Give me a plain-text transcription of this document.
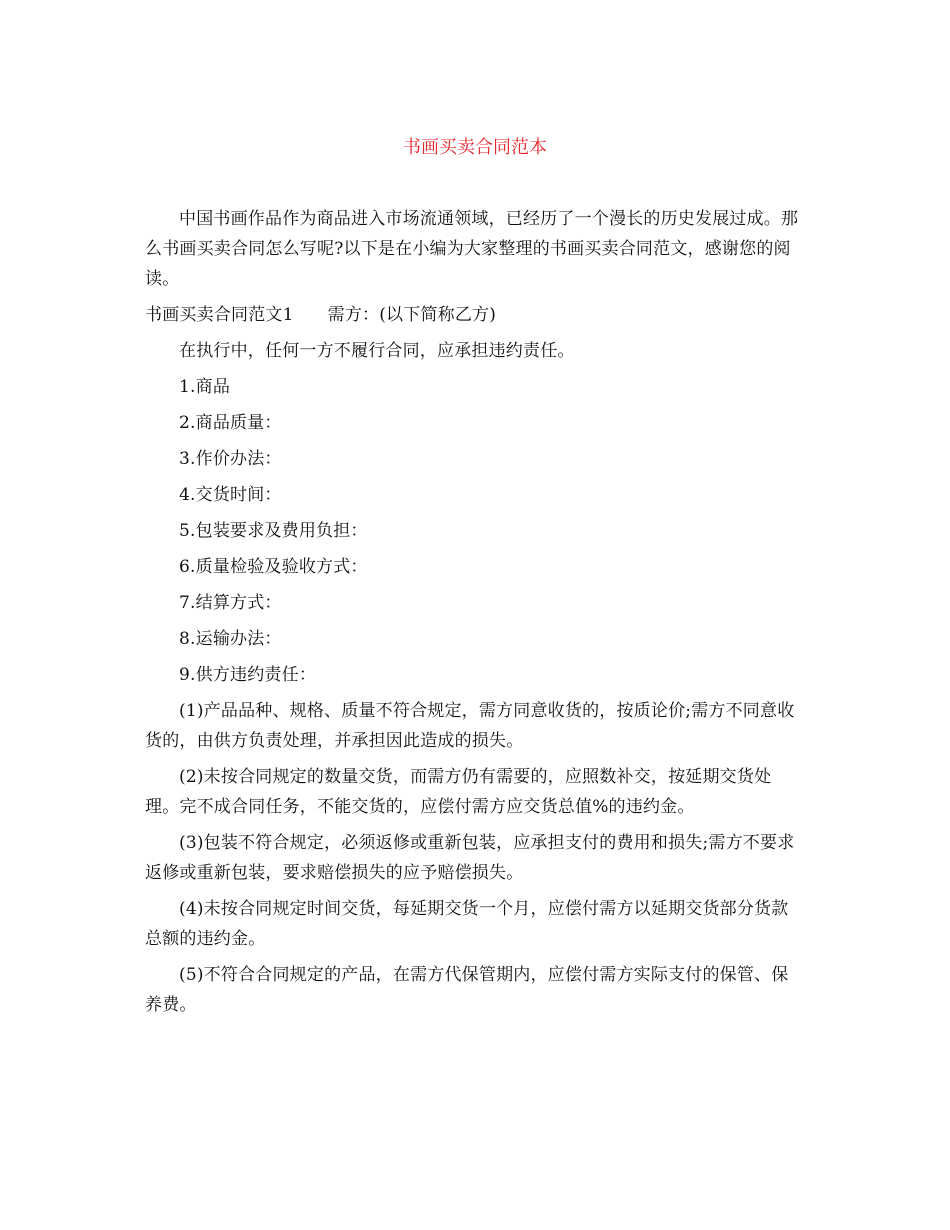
书画买卖合同范本

中国书画作品作为商品进入市场流通领域，已经历了一个漫长的历史发展过成。那么书画买卖合同怎么写呢?以下是在小编为大家整理的书画买卖合同范文，感谢您的阅读。

书画买卖合同范文1 需方：(以下简称乙方)

在执行中，任何一方不履行合同，应承担违约责任。

1.商品

2.商品质量：

3.作价办法：

4.交货时间：

5.包装要求及费用负担：

6.质量检验及验收方式：

7.结算方式：

8.运输办法：

9.供方违约责任：

(1)产品品种、规格、质量不符合规定，需方同意收货的，按质论价;需方不同意收货的，由供方负责处理，并承担因此造成的损失。

(2)未按合同规定的数量交货，而需方仍有需要的，应照数补交，按延期交货处理。完不成合同任务，不能交货的，应偿付需方应交货总值%的违约金。

(3)包装不符合规定，必须返修或重新包装，应承担支付的费用和损失;需方不要求返修或重新包装，要求赔偿损失的应予赔偿损失。

(4)未按合同规定时间交货，每延期交货一个月，应偿付需方以延期交货部分货款总额的违约金。

(5)不符合合同规定的产品，在需方代保管期内，应偿付需方实际支付的保管、保养费。
